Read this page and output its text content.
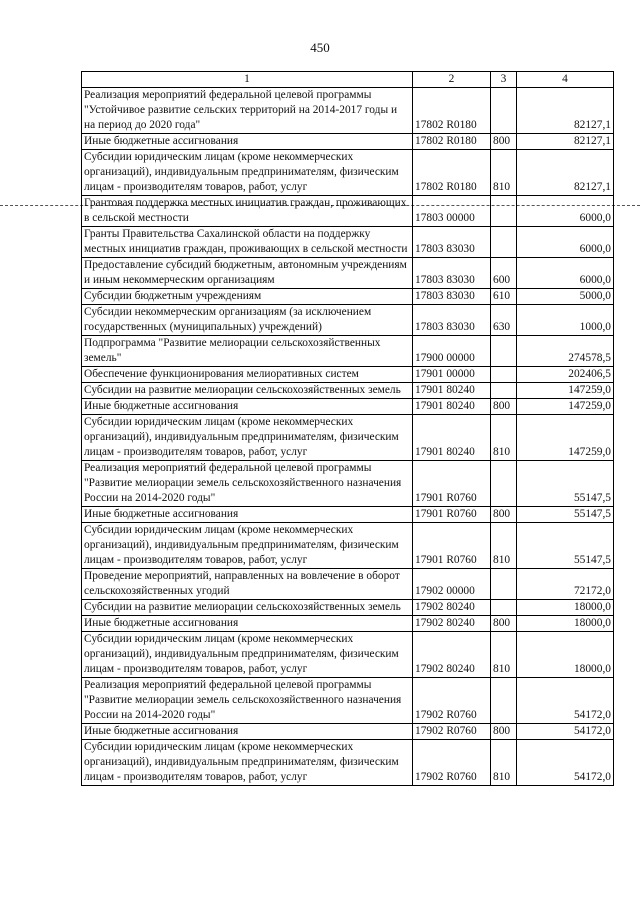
450
1	2	3	4

Реализация мероприятий федеральной целевой программы "Устойчивое развитие сельских территорий на 2014-2017 годы и на период до 2020 года"	17802 R0180		82127,1

Иные бюджетные ассигнования	17802 R0180	800	82127,1

Субсидии юридическим лицам (кроме некоммерческих организаций), индивидуальным предпринимателям, физическим лицам - производителям товаров, работ, услуг	17802 R0180	810	82127,1

Грантовая поддержка местных инициатив граждан, проживающих в сельской местности	17803 00000		6000,0

Гранты Правительства Сахалинской области на поддержку местных инициатив граждан, проживающих в сельской местности	17803 83030		6000,0

Предоставление субсидий бюджетным, автономным учреждениям и иным некоммерческим организациям	17803 83030	600	6000,0

Субсидии бюджетным учреждениям	17803 83030	610	5000,0

Субсидии некоммерческим организациям (за исключением государственных (муниципальных) учреждений)	17803 83030	630	1000,0

Подпрограмма "Развитие мелиорации сельскохозяйственных земель"	17900 00000		274578,5

Обеспечение функционирования мелиоративных систем	17901 00000		202406,5

Субсидии на развитие мелиорации сельскохозяйственных земель	17901 80240		147259,0

Иные бюджетные ассигнования	17901 80240	800	147259,0

Субсидии юридическим лицам (кроме некоммерческих организаций), индивидуальным предпринимателям, физическим лицам - производителям товаров, работ, услуг	17901 80240	810	147259,0

Реализация мероприятий федеральной целевой программы "Развитие мелиорации земель сельскохозяйственного назначения России на 2014-2020 годы"	17901 R0760		55147,5

Иные бюджетные ассигнования	17901 R0760	800	55147,5

Субсидии юридическим лицам (кроме некоммерческих организаций), индивидуальным предпринимателям, физическим лицам - производителям товаров, работ, услуг	17901 R0760	810	55147,5

Проведение мероприятий, направленных на вовлечение в оборот сельскохозяйственных угодий	17902 00000		72172,0

Субсидии на развитие мелиорации сельскохозяйственных земель	17902 80240		18000,0

Иные бюджетные ассигнования	17902 80240	800	18000,0

Субсидии юридическим лицам (кроме некоммерческих организаций), индивидуальным предпринимателям, физическим лицам - производителям товаров, работ, услуг	17902 80240	810	18000,0

Реализация мероприятий федеральной целевой программы "Развитие мелиорации земель сельскохозяйственного назначения России на 2014-2020 годы"	17902 R0760		54172,0

Иные бюджетные ассигнования	17902 R0760	800	54172,0

Субсидии юридическим лицам (кроме некоммерческих организаций), индивидуальным предпринимателям, физическим лицам - производителям товаров, работ, услуг	17902 R0760	810	54172,0
